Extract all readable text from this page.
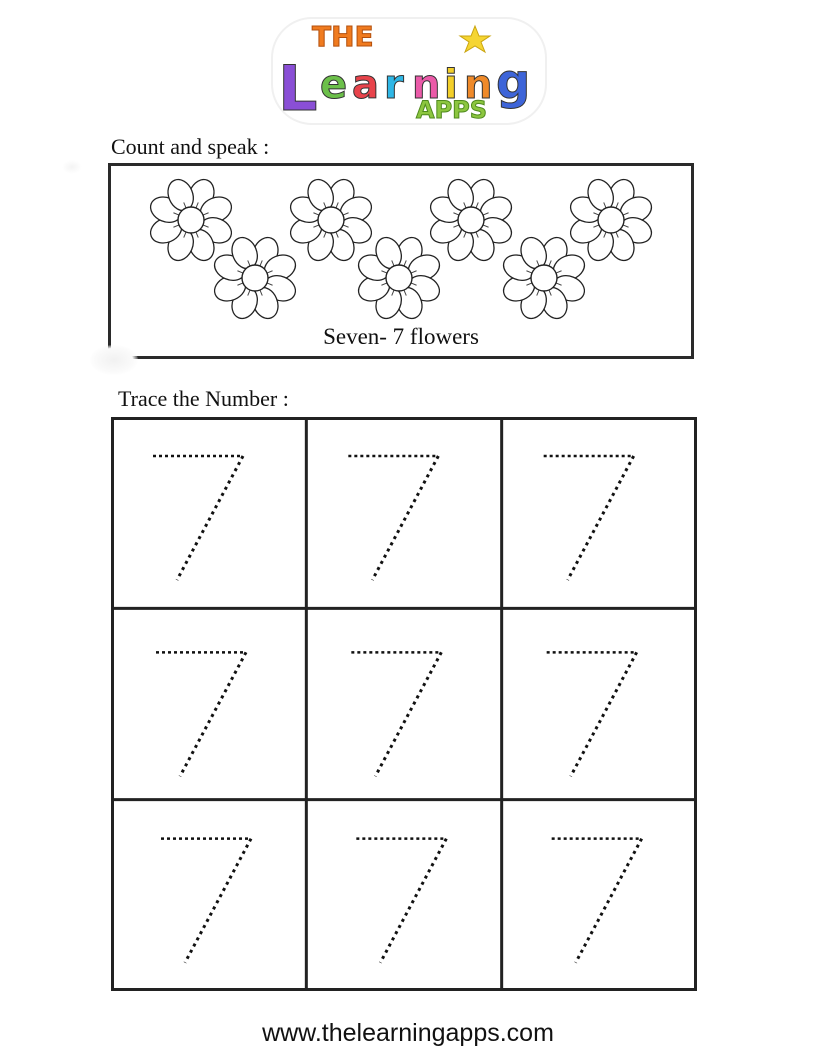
THE
L e a r n i n g
APPS
Count and speak :
Seven- 7 flowers
Trace the Number :
www.thelearningapps.com
